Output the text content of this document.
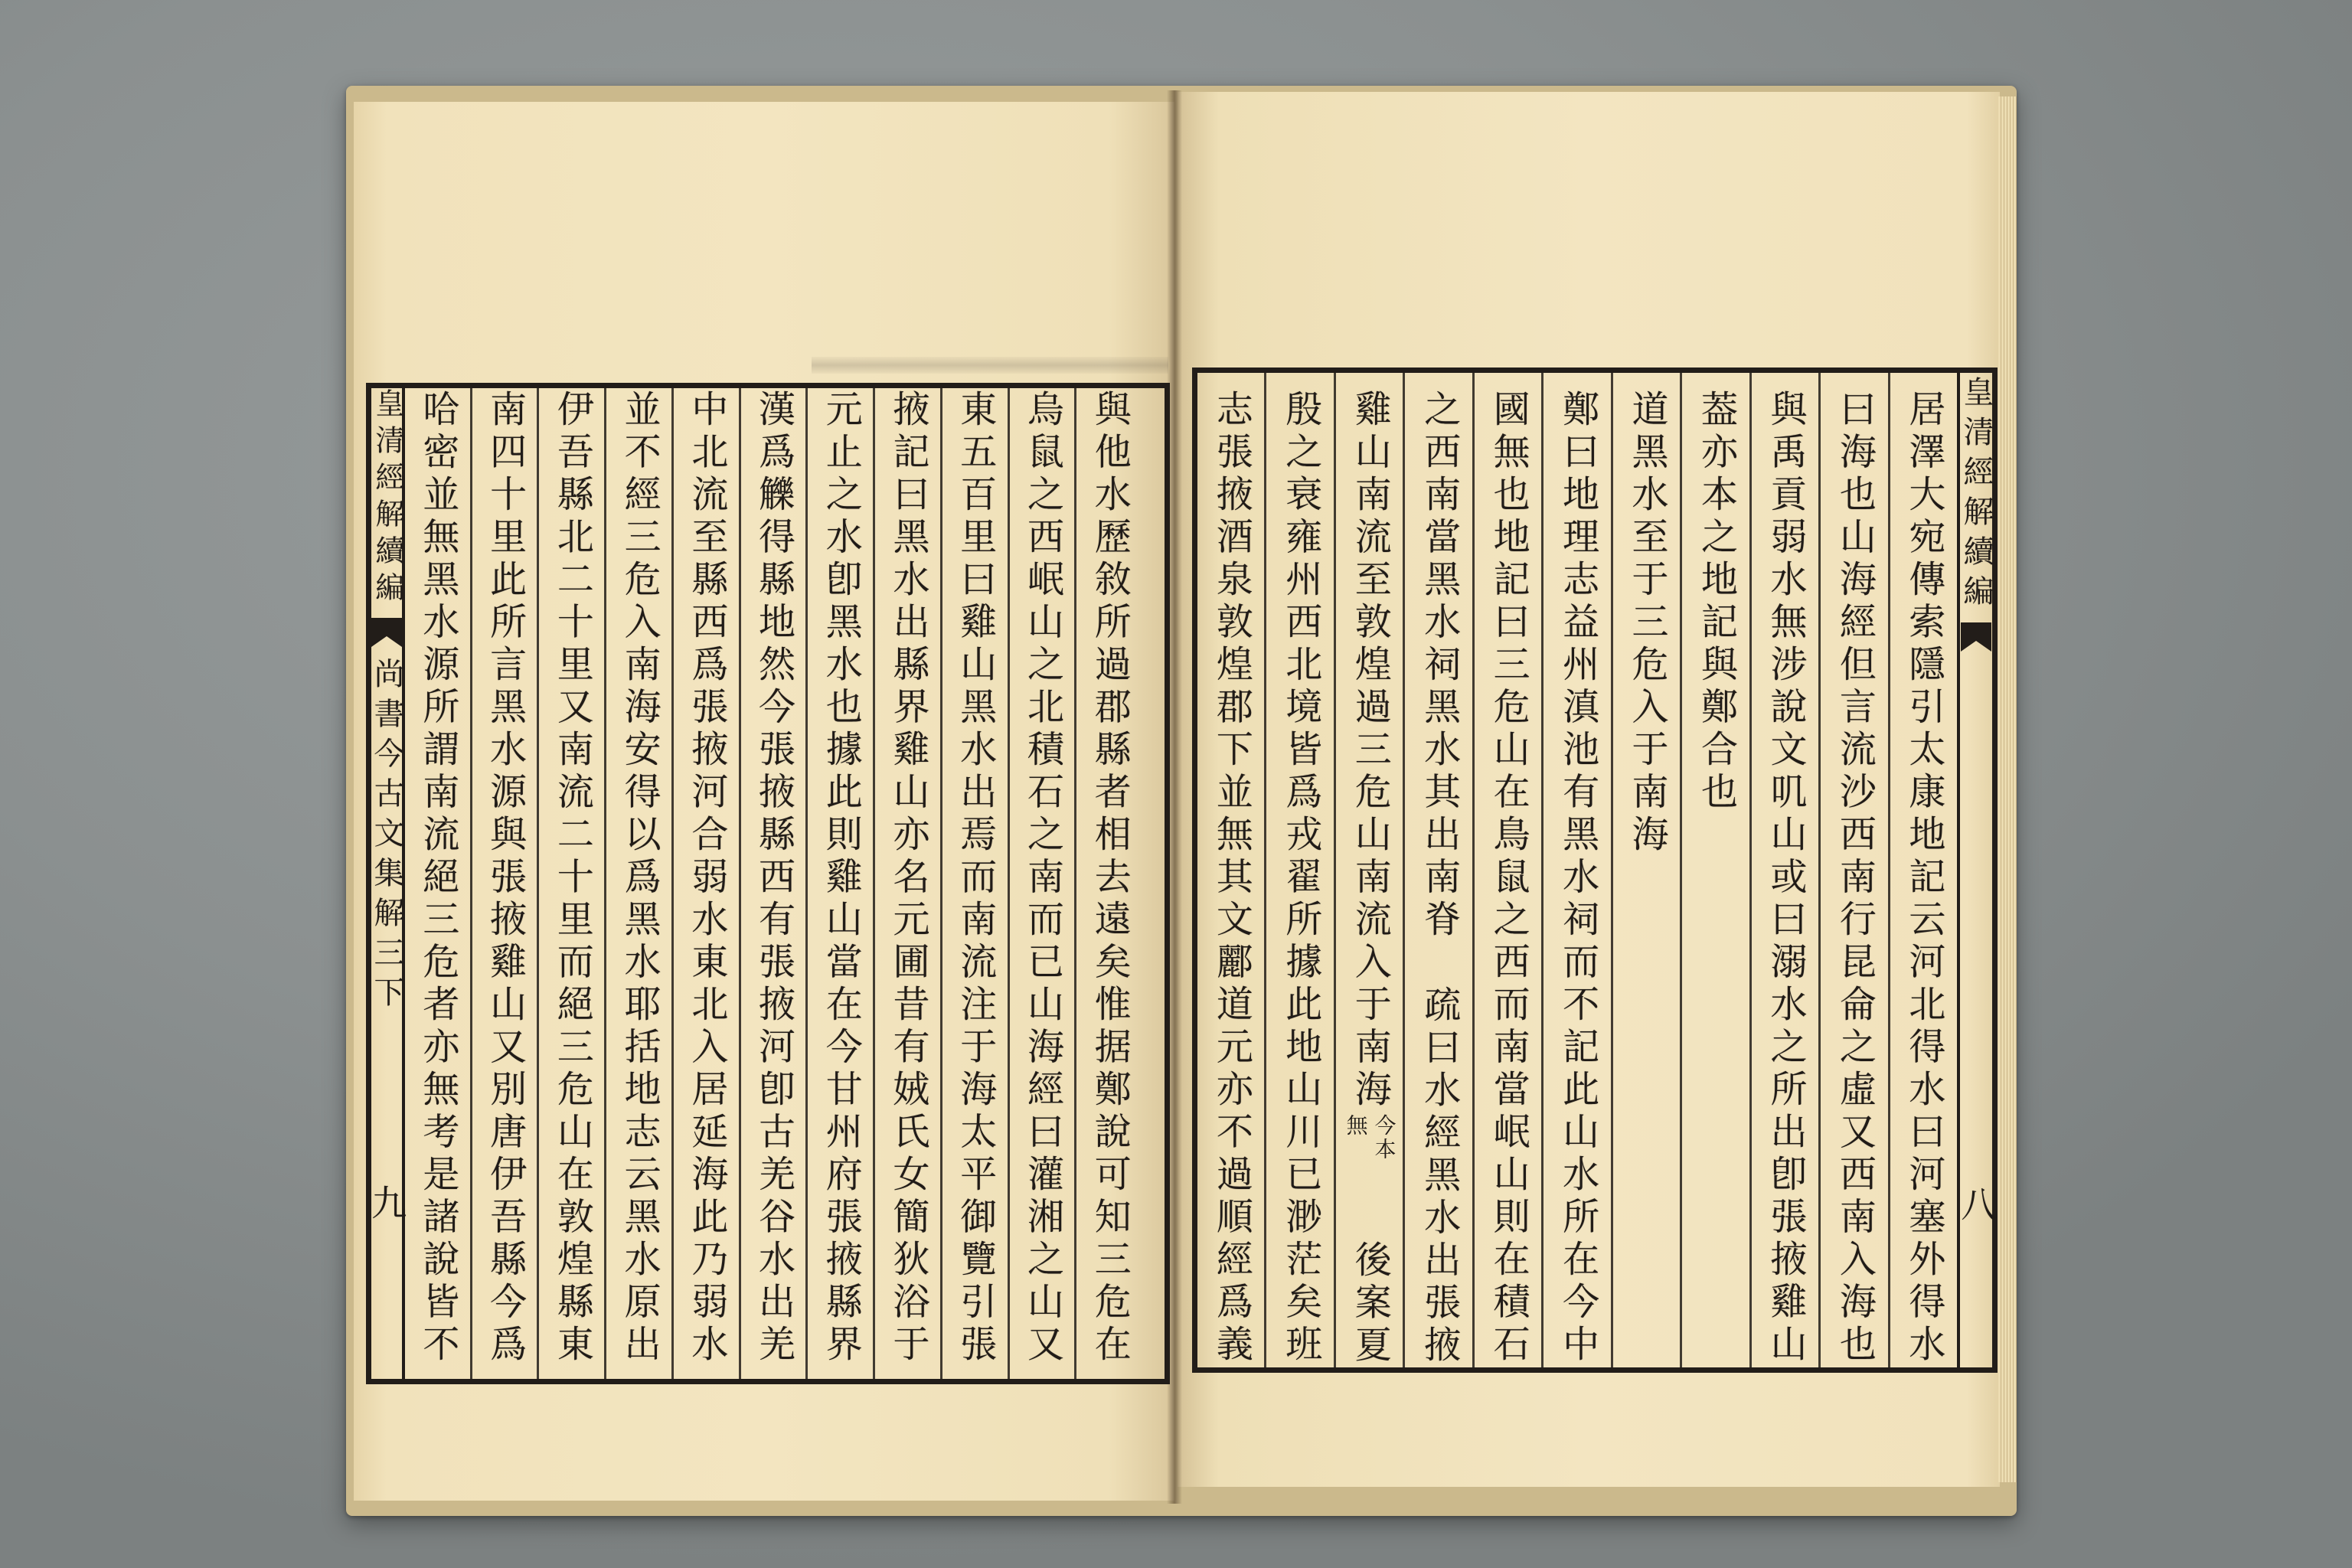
皇清經解續編
尚書今古文集解三下
九	與他水歷敘所過郡縣者相去遠矣惟据鄭說可知三危在
烏鼠之西岷山之北積石之南而已山海經曰灌湘之山又
東五百里曰雞山黑水出焉而南流注于海太平御覽引張
掖記曰黑水出縣界雞山亦名元圃昔有娀氏女簡狄浴于
元止之水卽黑水也據此則雞山當在今甘州府張掖縣界
漢爲觻得縣地然今張掖縣西有張掖河卽古羌谷水出羌
中北流至縣西爲張掖河合弱水東北入居延海此乃弱水
並不經三危入南海安得以爲黑水耶括地志云黑水原出
伊吾縣北二十里又南流二十里而絕三危山在敦煌縣東
南四十里此所言黑水源與張掖雞山又別唐伊吾縣今爲
哈密並無黑水源所謂南流絕三危者亦無考是諸說皆不	居澤大宛傳索隱引太康地記云河北得水曰河塞外得水
曰海也山海經但言流沙西南行昆侖之虛又西南入海也
與禹貢弱水無涉說文叽山或曰溺水之所出卽張掖雞山
葢亦本之地記與鄭合也
道黑水至于三危入于南海
鄭曰地理志益州滇池有黑水祠而不記此山水所在今中
國無也地記曰三危山在鳥鼠之西而南當岷山則在積石
之西南當黑水祠黑水其出南脊
疏曰水經黑水出張掖
雞山南流至敦煌過三危山南流入于南海
今本
無
後案夏
殷之衰雍州西北境皆爲戎翟所據此地山川已渺茫矣班
志張掖酒泉敦煌郡下並無其文酈道元亦不過順經爲義	皇清經解續編
八
